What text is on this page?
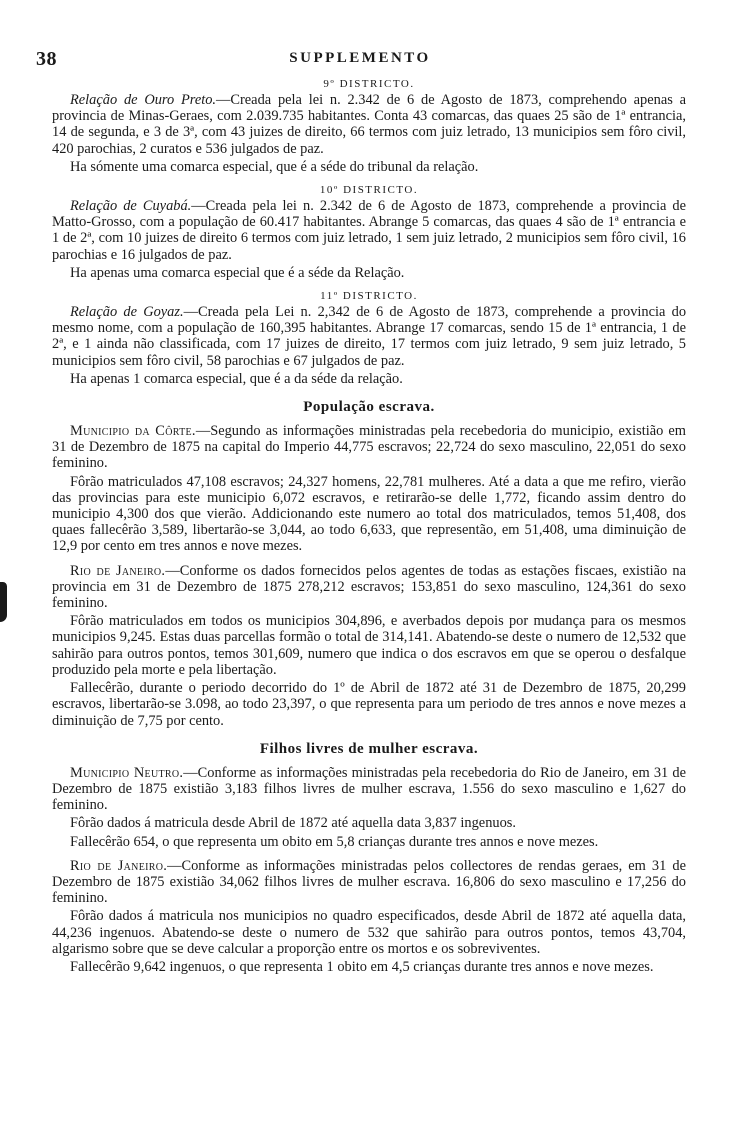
38	SUPPLEMENTO
9º DISTRICTO.

Relação de Ouro Preto.—Creada pela lei n. 2.342 de 6 de Agosto de 1873, comprehendo apenas a provincia de Minas-Geraes, com 2.039.735 habitantes. Conta 43 comarcas, das quaes 25 são de 1ª entrancia, 14 de segunda, e 3 de 3ª, com 43 juizes de direito, 66 termos com juiz letrado, 13 municipios sem fôro civil, 420 parochias, 2 curatos e 536 julgados de paz.

Ha sómente uma comarca especial, que é a séde do tribunal da relação.

10º DISTRICTO.

Relação de Cuyabá.—Creada pela lei n. 2.342 de 6 de Agosto de 1873, comprehende a provincia de Matto-Grosso, com a população de 60.417 habitantes. Abrange 5 comarcas, das quaes 4 são de 1ª entrancia e 1 de 2ª, com 10 juizes de direito 6 termos com juiz letrado, 1 sem juiz letrado, 2 municipios sem fôro civil, 16 parochias e 16 julgados de paz.

Ha apenas uma comarca especial que é a séde da Relação.

11º DISTRICTO.

Relação de Goyaz.—Creada pela Lei n. 2,342 de 6 de Agosto de 1873, comprehende a provincia do mesmo nome, com a população de 160,395 habitantes. Abrange 17 comarcas, sendo 15 de 1ª entrancia, 1 de 2ª, e 1 ainda não classificada, com 17 juizes de direito, 17 termos com juiz letrado, 9 sem juiz letrado, 5 municipios sem fôro civil, 58 parochias e 67 julgados de paz.

Ha apenas 1 comarca especial, que é a da séde da relação.

População escrava.

Municipio da Côrte.—Segundo as informações ministradas pela recebedoria do municipio, existião em 31 de Dezembro de 1875 na capital do Imperio 44,775 escravos; 22,724 do sexo masculino, 22,051 do sexo feminino.

Fôrão matriculados 47,108 escravos; 24,327 homens, 22,781 mulheres. Até a data a que me refiro, vierão das provincias para este municipio 6,072 escravos, e retirarão-se delle 1,772, ficando assim dentro do municipio 4,300 dos que vierão. Addicionando este numero ao total dos matriculados, temos 51,408, dos quaes fallecêrão 3,589, libertarão-se 3,044, ao todo 6,633, que representão, em 51,408, uma diminuição de 12,9 por cento em tres annos e nove mezes.

Rio de Janeiro.—Conforme os dados fornecidos pelos agentes de todas as estações fiscaes, existião na provincia em 31 de Dezembro de 1875 278,212 escravos; 153,851 do sexo masculino, 124,361 do sexo feminino.

Fôrão matriculados em todos os municipios 304,896, e averbados depois por mudança para os mesmos municipios 9,245. Estas duas parcellas formão o total de 314,141. Abatendo-se deste o numero de 12,532 que sahirão para outros pontos, temos 301,609, numero que indica o dos escravos em que se operou o desfalque produzido pela morte e pela libertação.

Fallecêrão, durante o periodo decorrido do 1º de Abril de 1872 até 31 de Dezembro de 1875, 20,299 escravos, libertarão-se 3.098, ao todo 23,397, o que representa para um periodo de tres annos e nove mezes a diminuição de 7,75 por cento.

Filhos livres de mulher escrava.

Municipio Neutro.—Conforme as informações ministradas pela recebedoria do Rio de Janeiro, em 31 de Dezembro de 1875 existião 3,183 filhos livres de mulher escrava, 1.556 do sexo masculino e 1,627 do feminino.

Fôrão dados á matricula desde Abril de 1872 até aquella data 3,837 ingenuos.

Fallecêrão 654, o que representa um obito em 5,8 crianças durante tres annos e nove mezes.

Rio de Janeiro.—Conforme as informações ministradas pelos collectores de rendas geraes, em 31 de Dezembro de 1875 existião 34,062 filhos livres de mulher escrava. 16,806 do sexo masculino e 17,256 do feminino.

Fôrão dados á matricula nos municipios no quadro especificados, desde Abril de 1872 até aquella data, 44,236 ingenuos. Abatendo-se deste o numero de 532 que sahirão para outros pontos, temos 43,704, algarismo sobre que se deve calcular a proporção entre os mortos e os sobreviventes.

Fallecêrão 9,642 ingenuos, o que representa 1 obito em 4,5 crianças durante tres annos e nove mezes.
